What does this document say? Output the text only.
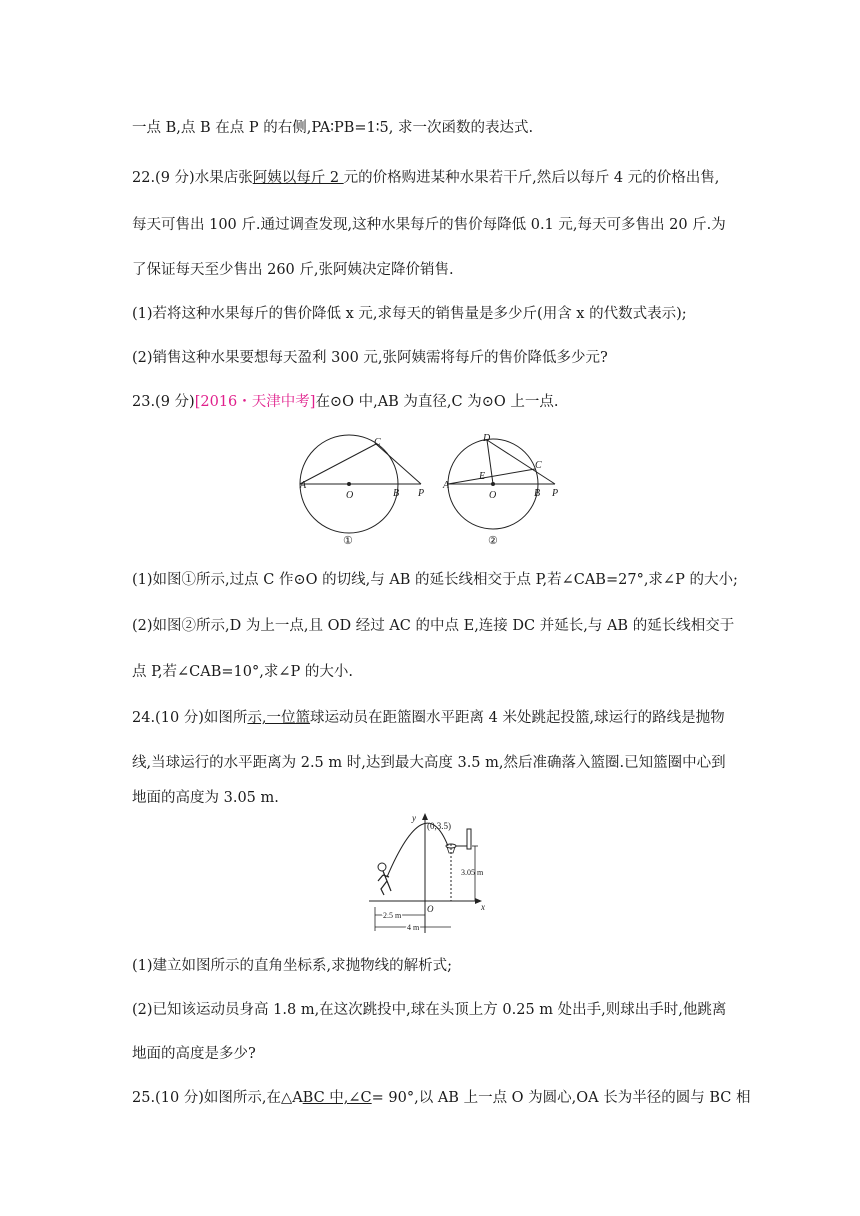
一点 B,点 B 在点 P 的右侧,PA∶PB=1∶5, 求一次函数的表达式.
22.(9 分)水果店张阿姨以每斤 2 元的价格购进某种水果若干斤,然后以每斤 4 元的价格出售,
每天可售出 100 斤.通过调查发现,这种水果每斤的售价每降低 0.1 元,每天可多售出 20 斤.为
了保证每天至少售出 260 斤,张阿姨决定降价销售.
(1)若将这种水果每斤的售价降低 x 元,求每天的销售量是多少斤(用含 x 的代数式表示);
(2)销售这种水果要想每天盈利 300 元,张阿姨需将每斤的售价降低多少元?
23.(9 分)[2016・天津中考]在⊙O 中,AB 为直径,C 为⊙O 上一点.
A
O	B P
C
①
A
O	B P
C
D
E
②
(1)如图①所示,过点 C 作⊙O 的切线,与 AB 的延长线相交于点 P,若∠CAB=27°,求∠P 的大小;
(2)如图②所示,D 为上一点,且 OD 经过 AC 的中点 E,连接 DC 并延长,与 AB 的延长线相交于
点 P,若∠CAB=10°,求∠P 的大小.
24.(10 分)如图所示,一位篮球运动员在距篮圈水平距离 4 米处跳起投篮,球运行的路线是抛物
线,当球运行的水平距离为 2.5 m 时,达到最大高度 3.5 m,然后准确落入篮圈.已知篮圈中心到
地面的高度为 3.05 m.
y
x
O
(0,3.5)
3.05 m
2.5 m
4 m
(1)建立如图所示的直角坐标系,求抛物线的解析式;
(2)已知该运动员身高 1.8 m,在这次跳投中,球在头顶上方 0.25 m 处出手,则球出手时,他跳离
地面的高度是多少?
25.(10 分)如图所示,在△ABC 中,∠C= 90°,以 AB 上一点 O 为圆心,OA 长为半径的圆与 BC 相
